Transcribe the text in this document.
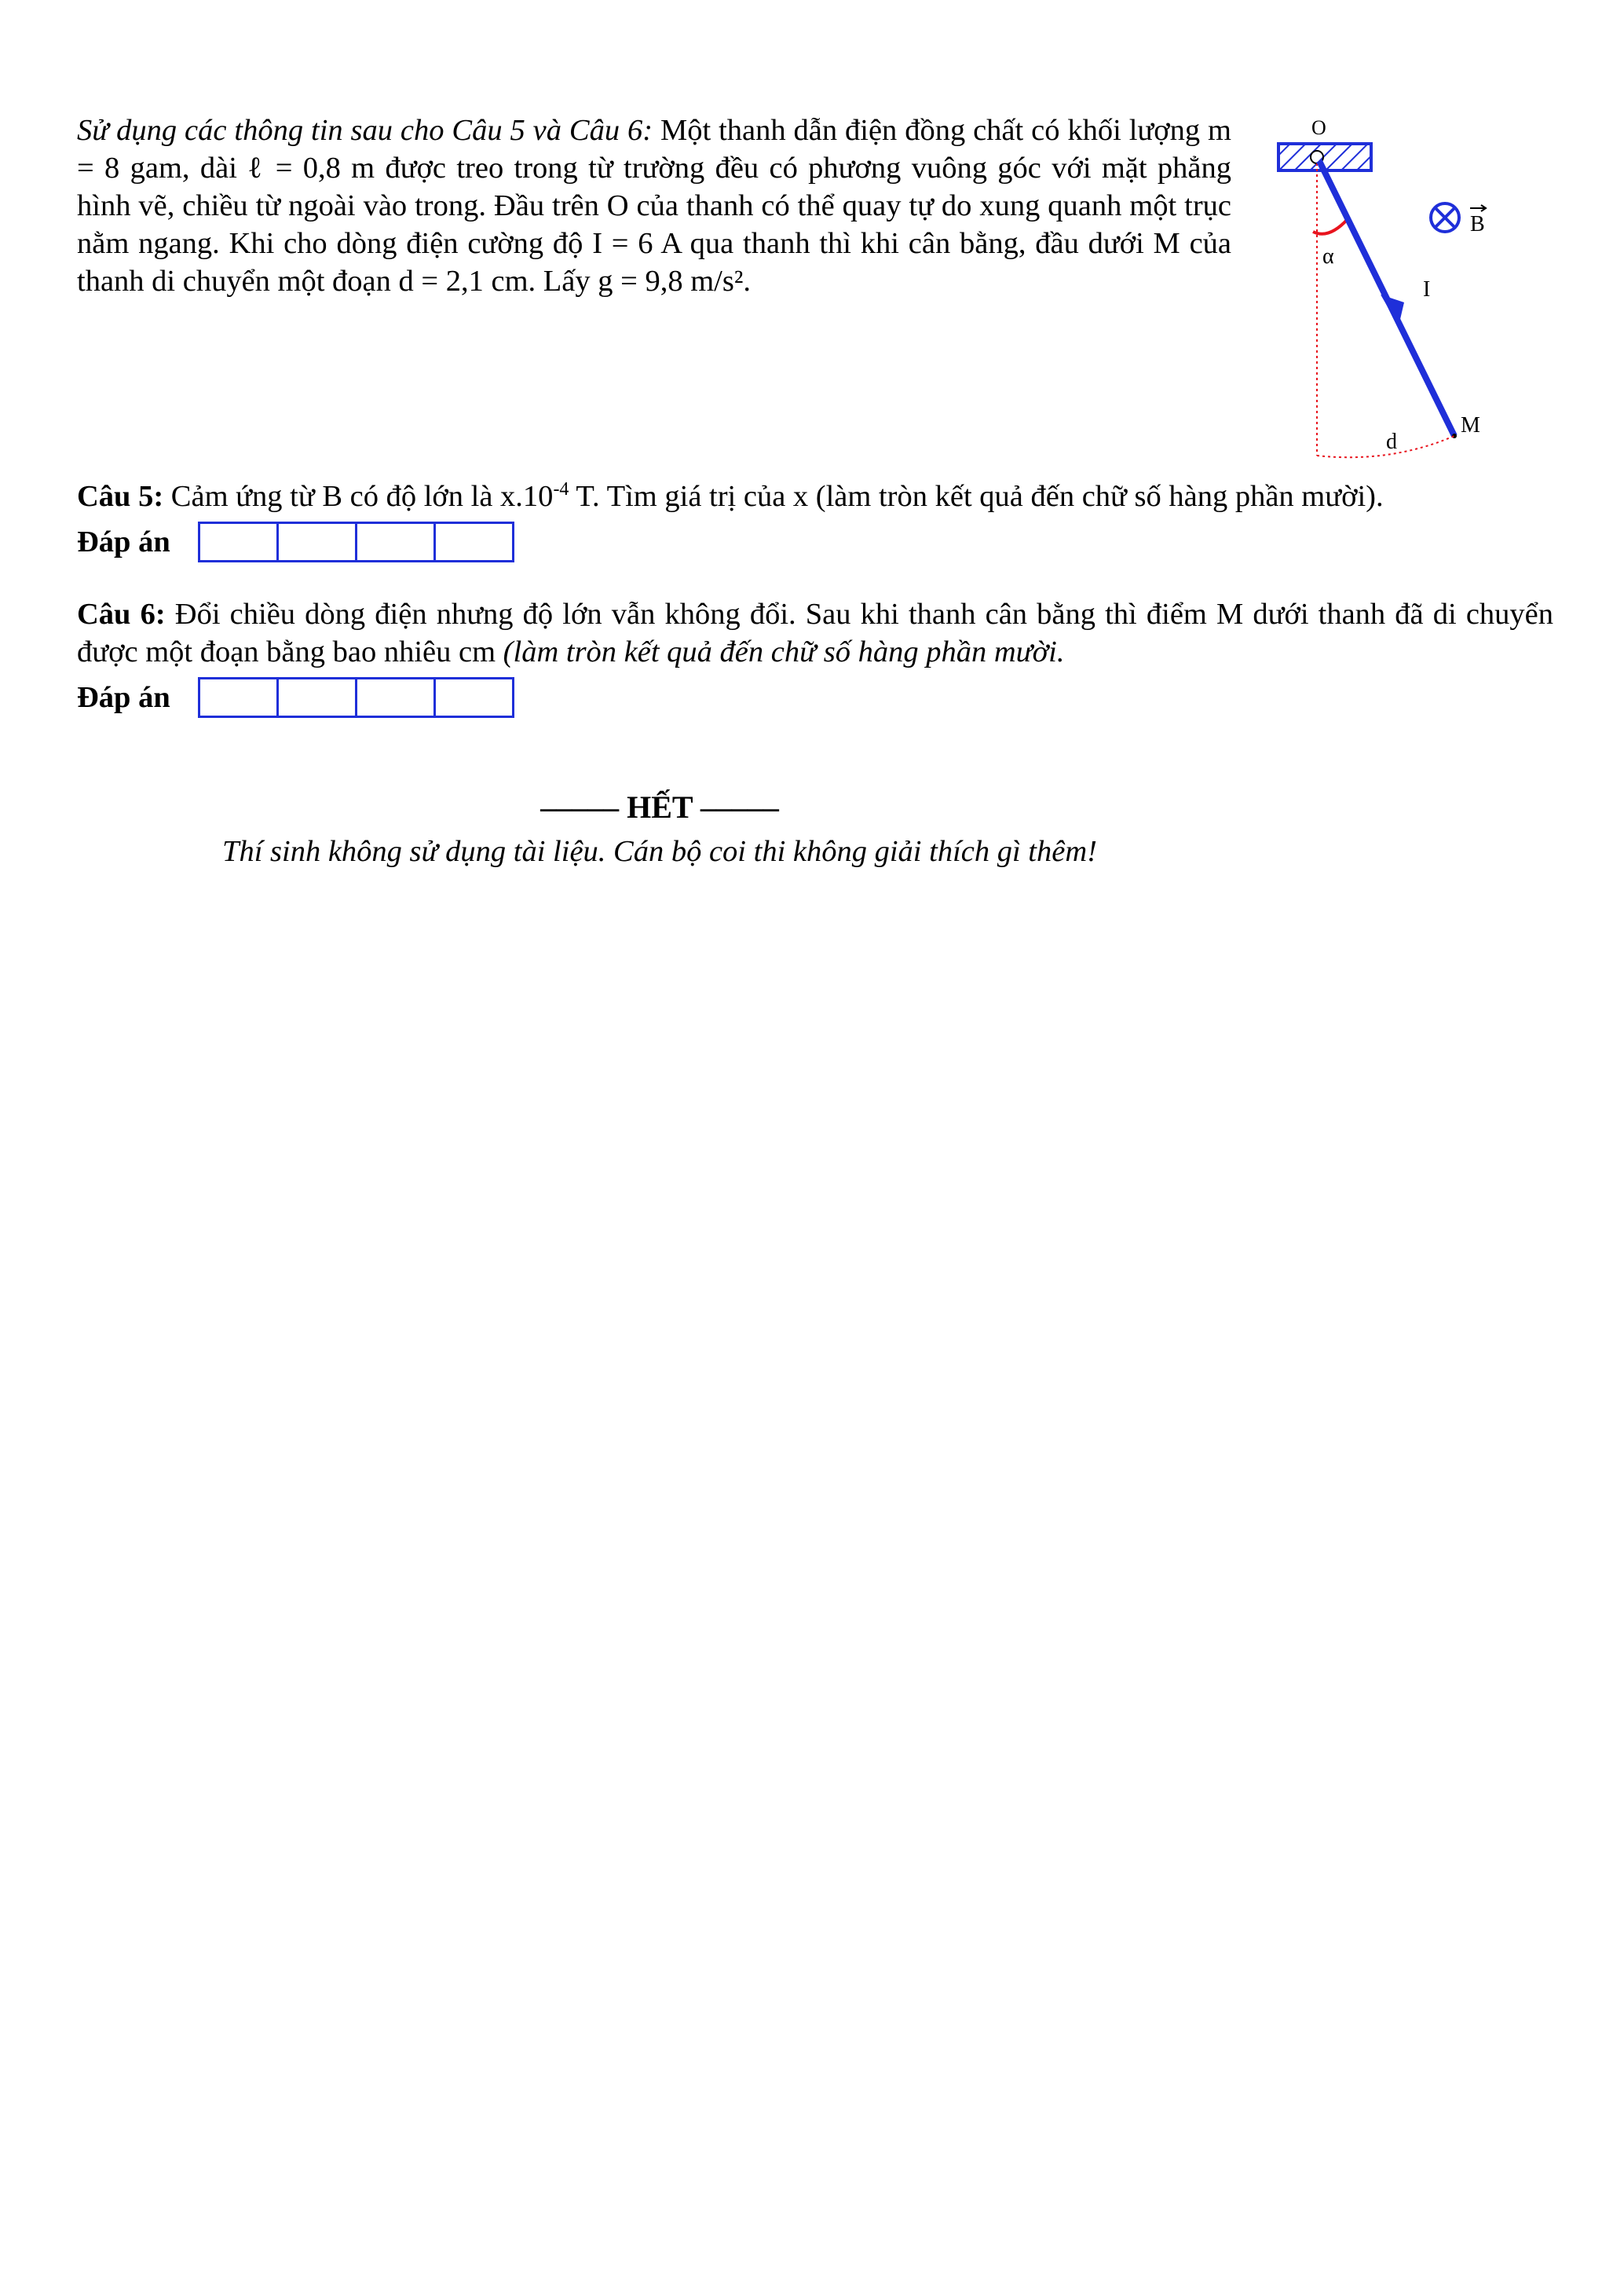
Sử dụng các thông tin sau cho Câu 5 và Câu 6: Một thanh dẫn điện đồng chất có khối lượng m = 8 gam, dài ℓ = 0,8 m được treo trong từ trường đều có phương vuông góc với mặt phẳng hình vẽ, chiều từ ngoài vào trong. Đầu trên O của thanh có thể quay tự do xung quanh một trục nằm ngang. Khi cho dòng điện cường độ I = 6 A qua thanh thì khi cân bằng, đầu dưới M của thanh di chuyển một đoạn d = 2,1 cm. Lấy g = 9,8 m/s².
O
α
I
B
M
d
Câu 5: Cảm ứng từ B có độ lớn là $x.10^{-4}$ T. Tìm giá trị của x (làm tròn kết quả đến chữ số hàng phần mười).
Đáp án
Câu 6: Đổi chiều dòng điện nhưng độ lớn vẫn không đổi. Sau khi thanh cân bằng thì điểm M dưới thanh đã di chuyển được một đoạn bằng bao nhiêu cm (làm tròn kết quả đến chữ số hàng phần mười.
Đáp án
––––– HẾT –––––
Thí sinh không sử dụng tài liệu. Cán bộ coi thi không giải thích gì thêm!
